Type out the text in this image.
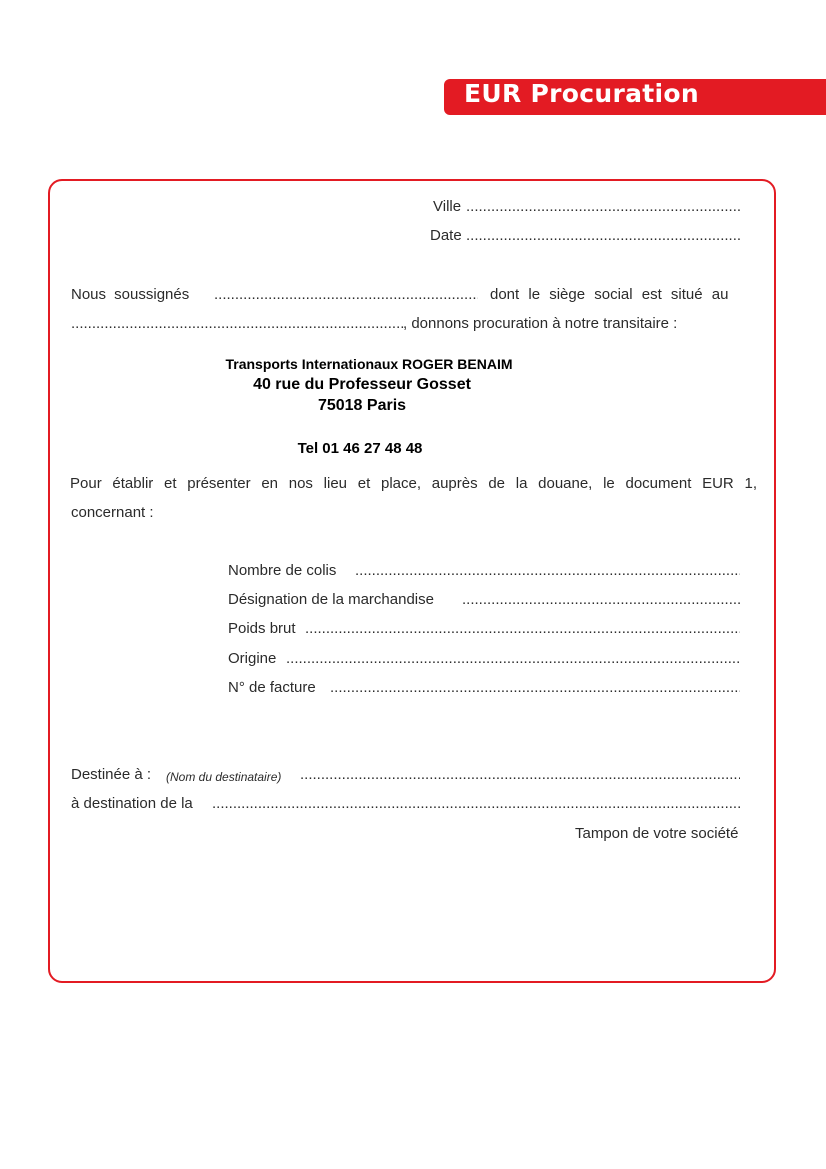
EUR Procuration
Ville
.....
Date
.....
Nous soussignés
.....	dont le siège social est situé au
.....
, donnons procuration à notre transitaire :
Transports Internationaux ROGER BENAIM
40 rue du Professeur Gosset
75018 Paris
Tel 01 46 27 48 48
Pour établir et présenter en nos lieu et place, auprès de la douane, le document EUR 1,
concernant :
Nombre de colis
.....
Désignation de la marchandise
.....
Poids brut
.....
Origine
.....
N° de facture
.....
Destinée à : (Nom du destinataire)
.....
à destination de la
.....
Tampon de votre société
